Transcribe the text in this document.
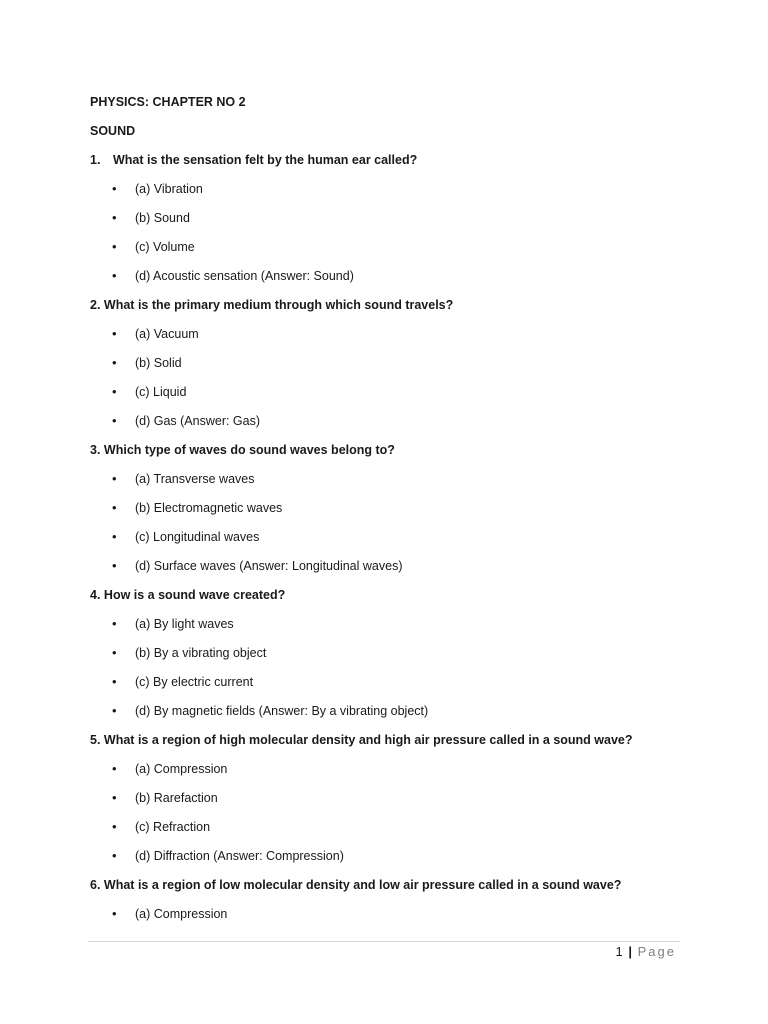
PHYSICS: CHAPTER NO 2
SOUND
1. What is the sensation felt by the human ear called?
• (a) Vibration
• (b) Sound
• (c) Volume
• (d) Acoustic sensation (Answer: Sound)
2. What is the primary medium through which sound travels?
• (a) Vacuum
• (b) Solid
• (c) Liquid
• (d) Gas (Answer: Gas)
3. Which type of waves do sound waves belong to?
• (a) Transverse waves
• (b) Electromagnetic waves
• (c) Longitudinal waves
• (d) Surface waves (Answer: Longitudinal waves)
4. How is a sound wave created?
• (a) By light waves
• (b) By a vibrating object
• (c) By electric current
• (d) By magnetic fields (Answer: By a vibrating object)
5. What is a region of high molecular density and high air pressure called in a sound wave?
• (a) Compression
• (b) Rarefaction
• (c) Refraction
• (d) Diffraction (Answer: Compression)
6. What is a region of low molecular density and low air pressure called in a sound wave?
• (a) Compression
1 | Page
